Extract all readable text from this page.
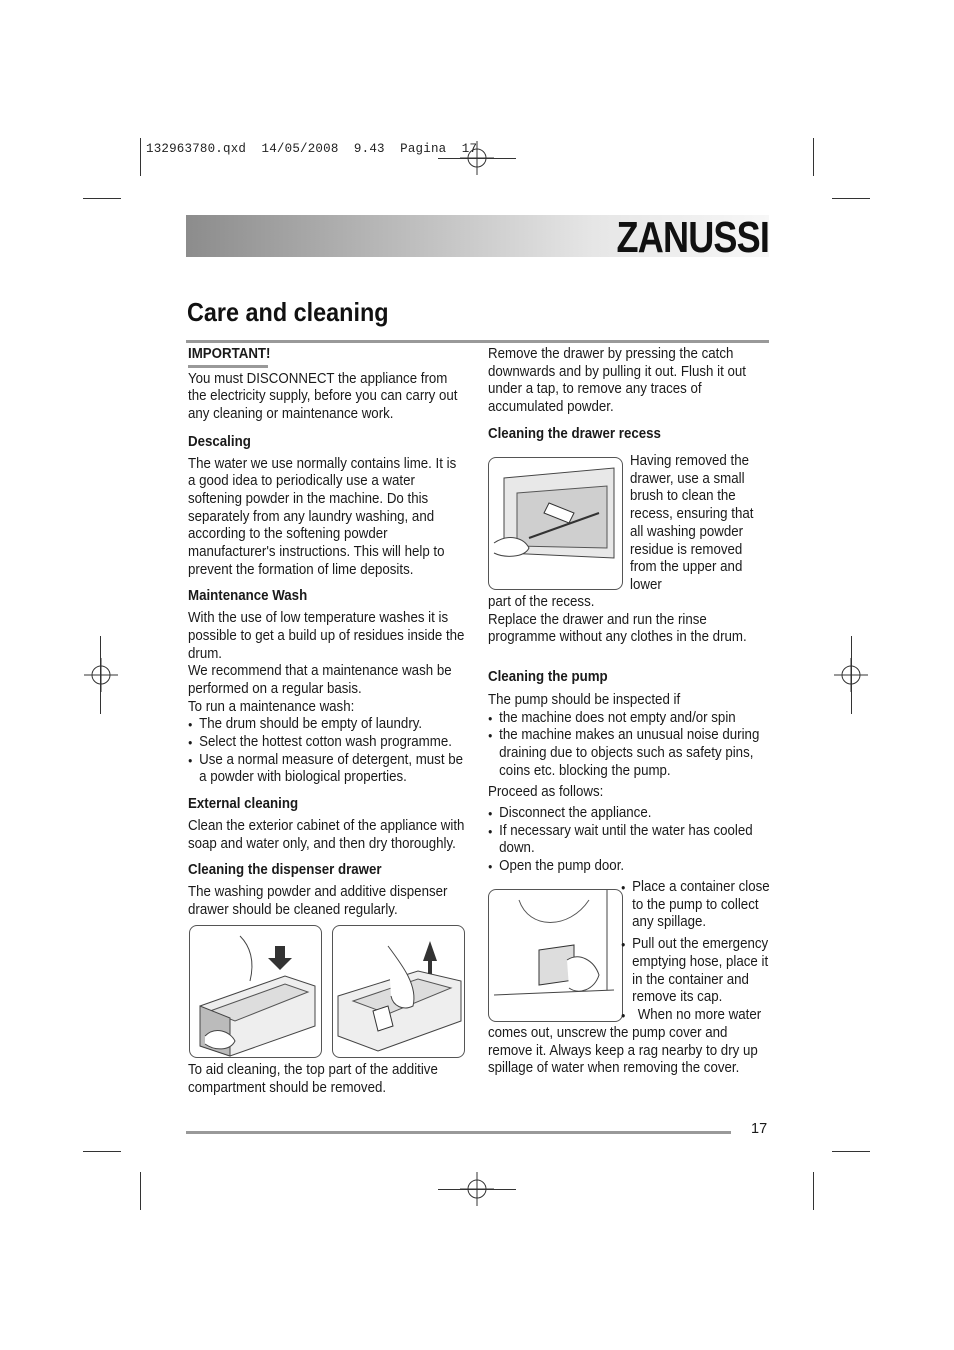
132963780.qxd  14/05/2008  9.43  Pagina  17
ZANUSSI
Care and cleaning
IMPORTANT!

You must DISCONNECT the appliance from the electricity supply, before you can carry out any cleaning or maintenance work.

Descaling

The water we use normally contains lime. It is a good idea to periodically use a water softening powder in the machine. Do this separately from any laundry washing, and according to the softening powder manufacturer's instructions. This will help to prevent the formation of lime deposits.

Maintenance Wash

With the use of low temperature washes it is possible to get a build up of residues inside the drum.

We recommend that a maintenance wash be performed on a regular basis.

To run a maintenance wash:

● The drum should be empty of laundry.
● Select the hottest cotton wash programme.
● Use a normal measure of detergent, must be a powder with biological properties.
External cleaning

Clean the exterior cabinet of the appliance with soap and water only, and then dry thoroughly.

Cleaning the dispenser drawer

The washing powder and additive dispenser drawer should be cleaned regularly.

To aid cleaning, the top part of the additive compartment should be removed.

Remove the drawer by pressing the catch downwards and by pulling it out. Flush it out under a tap, to remove any traces of accumulated powder.

Cleaning the drawer recess

Having removed the drawer, use a small brush to clean the recess, ensuring that all washing powder residue is removed from the upper and lower

part of the recess.

Replace the drawer and run the rinse programme without any clothes in the drum.

Cleaning the pump

The pump should be inspected if

● the machine does not empty and/or spin
● the machine makes an unusual noise during draining due to objects such as safety pins, coins etc. blocking the pump.

Proceed as follows:

● Disconnect the appliance.
● If necessary wait until the water has cooled down.
● Open the pump door.
● Place a container close to the pump to collect any spillage.
● Pull out the emergency emptying hose, place it in the container and remove its cap.
● When no more water

comes out, unscrew the pump cover and remove it. Always keep a rag nearby to dry up spillage of water when removing the cover.

17
